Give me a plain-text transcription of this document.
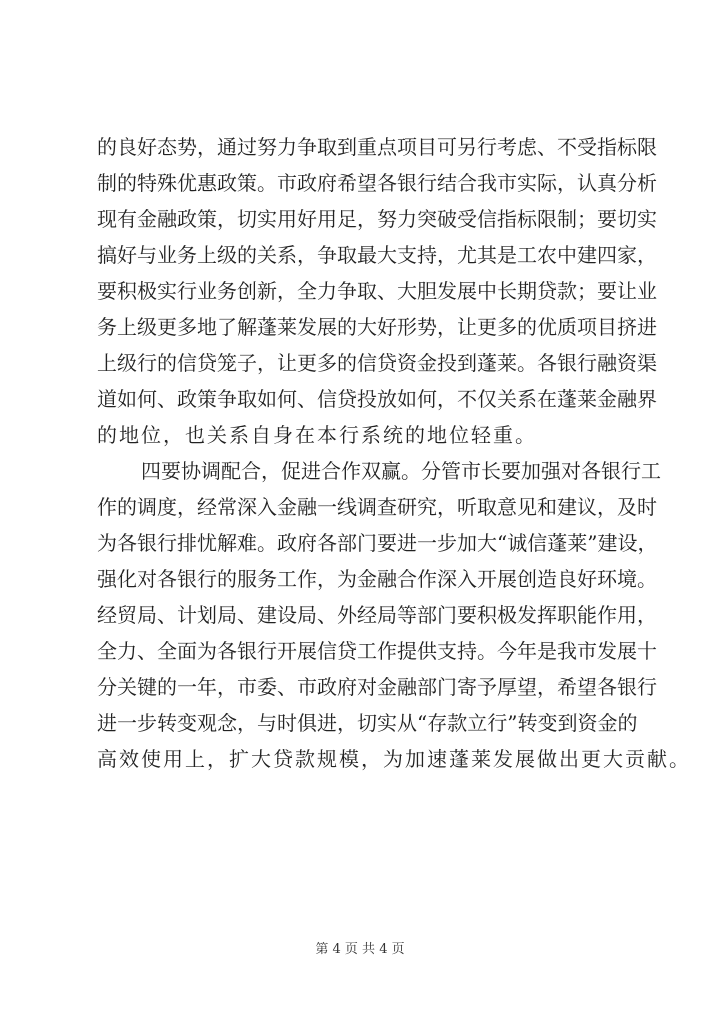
的良好态势，通过努力争取到重点项目可另行考虑、不受指标限
制的特殊优惠政策。市政府希望各银行结合我市实际，认真分析
现有金融政策，切实用好用足，努力突破受信指标限制；要切实
搞好与业务上级的关系，争取最大支持，尤其是工农中建四家，
要积极实行业务创新，全力争取、大胆发展中长期贷款；要让业
务上级更多地了解蓬莱发展的大好形势，让更多的优质项目挤进
上级行的信贷笼子，让更多的信贷资金投到蓬莱。各银行融资渠
道如何、政策争取如何、信贷投放如何，不仅关系在蓬莱金融界
的地位，也关系自身在本行系统的地位轻重。
四要协调配合，促进合作双赢。分管市长要加强对各银行工
作的调度，经常深入金融一线调查研究，听取意见和建议，及时
为各银行排忧解难。政府各部门要进一步加大“诚信蓬莱”建设，
强化对各银行的服务工作，为金融合作深入开展创造良好环境。
经贸局、计划局、建设局、外经局等部门要积极发挥职能作用，
全力、全面为各银行开展信贷工作提供支持。今年是我市发展十
分关键的一年，市委、市政府对金融部门寄予厚望，希望各银行
进一步转变观念，与时俱进，切实从“存款立行”转变到资金的
高效使用上，扩大贷款规模，为加速蓬莱发展做出更大贡献。
第 4 页 共 4 页
